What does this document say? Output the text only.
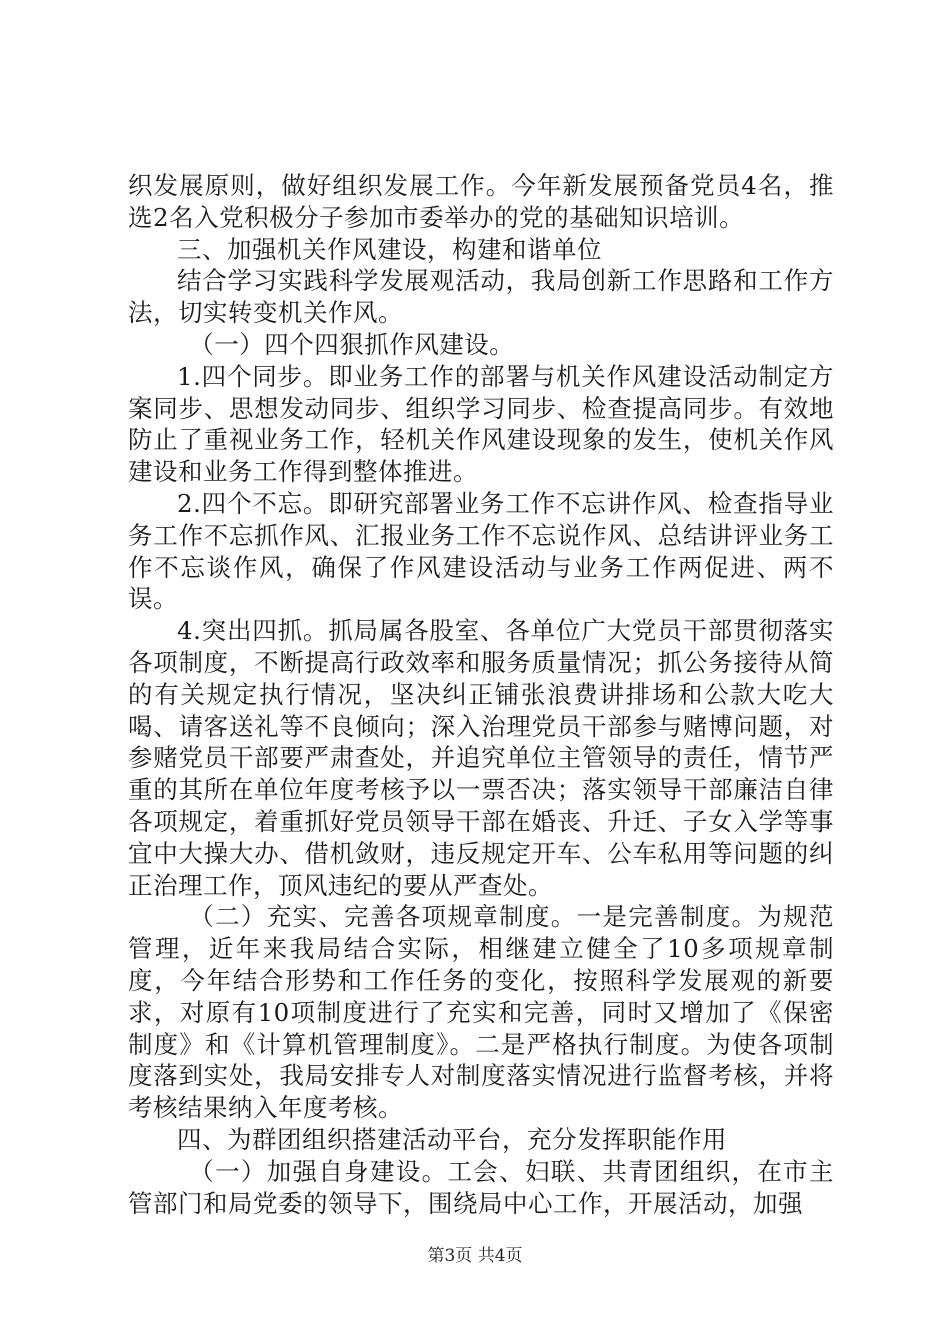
织发展原则，做好组织发展工作。今年新发展预备党员4名，推选2名入党积极分子参加市委举办的党的基础知识培训。

三、加强机关作风建设，构建和谐单位

结合学习实践科学发展观活动，我局创新工作思路和工作方法，切实转变机关作风。

（一）四个四狠抓作风建设。

1.四个同步。即业务工作的部署与机关作风建设活动制定方案同步、思想发动同步、组织学习同步、检查提高同步。有效地防止了重视业务工作，轻机关作风建设现象的发生，使机关作风建设和业务工作得到整体推进。

2.四个不忘。即研究部署业务工作不忘讲作风、检查指导业务工作不忘抓作风、汇报业务工作不忘说作风、总结讲评业务工作不忘谈作风，确保了作风建设活动与业务工作两促进、两不误。

4.突出四抓。抓局属各股室、各单位广大党员干部贯彻落实各项制度，不断提高行政效率和服务质量情况；抓公务接待从简的有关规定执行情况，坚决纠正铺张浪费讲排场和公款大吃大喝、请客送礼等不良倾向；深入治理党员干部参与赌博问题，对参赌党员干部要严肃查处，并追究单位主管领导的责任，情节严重的其所在单位年度考核予以一票否决；落实领导干部廉洁自律各项规定，着重抓好党员领导干部在婚丧、升迁、子女入学等事宜中大操大办、借机敛财，违反规定开车、公车私用等问题的纠正治理工作，顶风违纪的要从严查处。

（二）充实、完善各项规章制度。一是完善制度。为规范管理，近年来我局结合实际，相继建立健全了10多项规章制度，今年结合形势和工作任务的变化，按照科学发展观的新要求，对原有10项制度进行了充实和完善，同时又增加了《保密制度》和《计算机管理制度》。二是严格执行制度。为使各项制度落到实处，我局安排专人对制度落实情况进行监督考核，并将考核结果纳入年度考核。

四、为群团组织搭建活动平台，充分发挥职能作用

（一）加强自身建设。工会、妇联、共青团组织，在市主管部门和局党委的领导下，围绕局中心工作，开展活动，加强

第3页 共4页
